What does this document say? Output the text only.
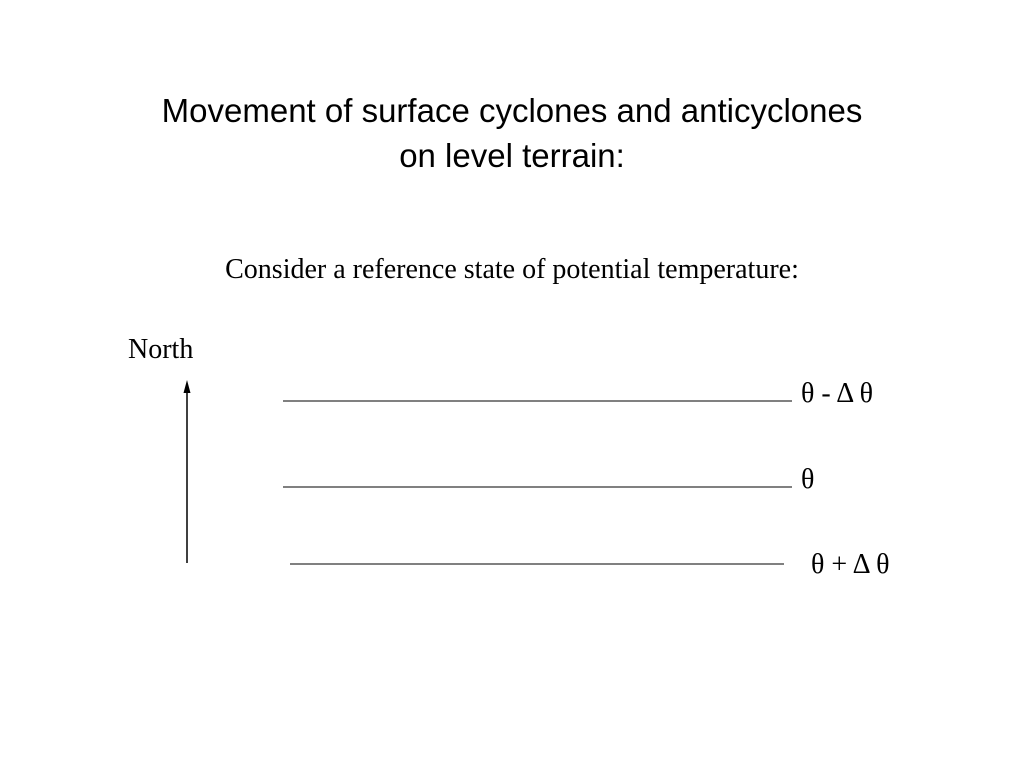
Movement of surface cyclones and anticyclones
on level terrain:
Consider a reference state of potential temperature:
North
θ - Δ θ
θ
θ + Δ θ
